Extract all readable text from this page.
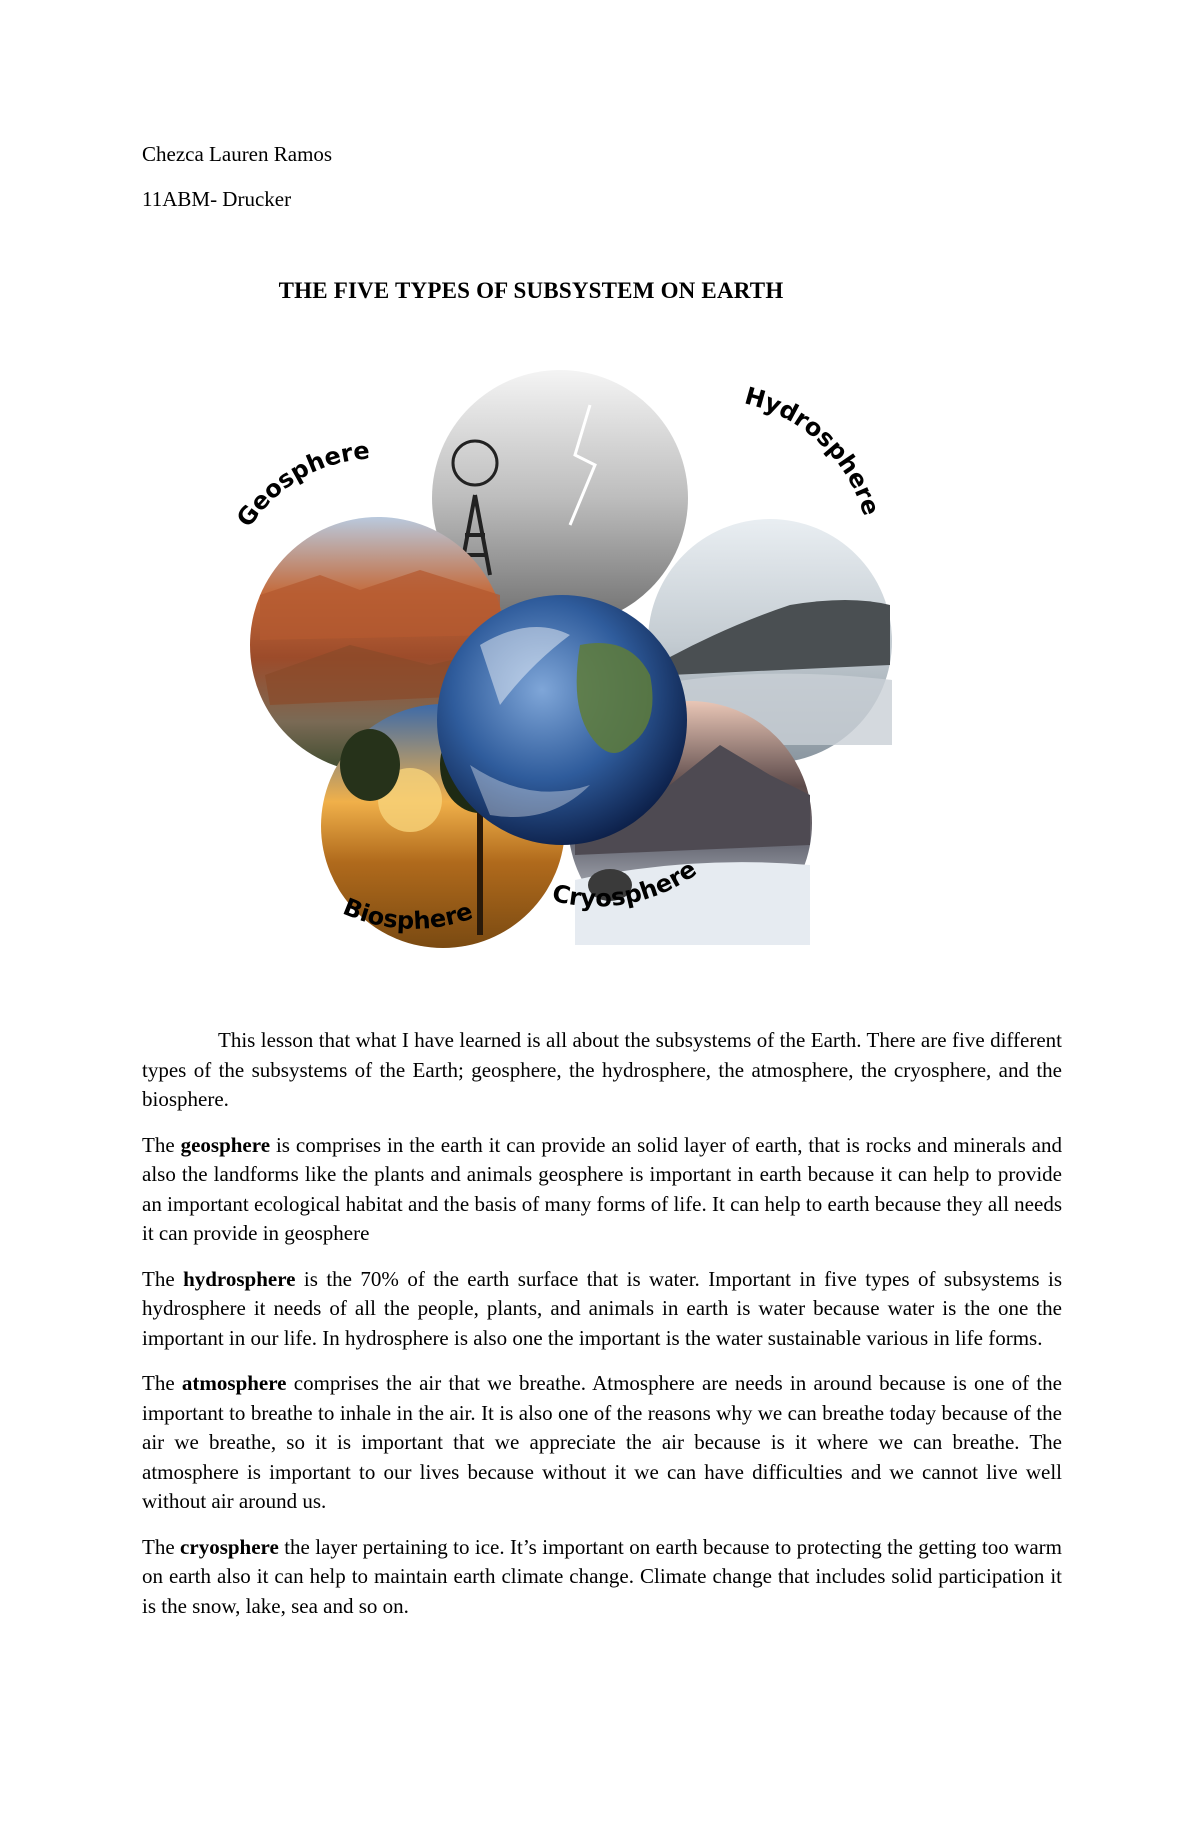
Chezca Lauren Ramos
11ABM- Drucker
THE FIVE TYPES OF SUBSYSTEM ON EARTH
Hydrosphere
Geosphere
Biosphere
Cryosphere

This lesson that what I have learned is all about the subsystems of the Earth. There are five different types of the subsystems of the Earth; geosphere, the hydrosphere, the atmosphere, the cryosphere, and the biosphere.

The geosphere is comprises in the earth it can provide an solid layer of earth, that is rocks and minerals and also the landforms like the plants and animals geosphere is important in earth because it can help to provide an important ecological habitat and the basis of many forms of life. It can help to earth because they all needs it can provide in geosphere

The hydrosphere is the 70% of the earth surface that is water. Important in five types of subsystems is hydrosphere it needs of all the people, plants, and animals in earth is water because water is the one the important in our life. In hydrosphere is also one the important is the water sustainable various in life forms.

The atmosphere comprises the air that we breathe. Atmosphere are needs in around because is one of the important to breathe to inhale in the air. It is also one of the reasons why we can breathe today because of the air we breathe, so it is important that we appreciate the air because is it where we can breathe. The atmosphere is important to our lives because without it we can have difficulties and we cannot live well without air around us.

The cryosphere the layer pertaining to ice. It’s important on earth because to protecting the getting too warm on earth also it can help to maintain earth climate change. Climate change that includes solid participation it is the snow, lake, sea and so on.
